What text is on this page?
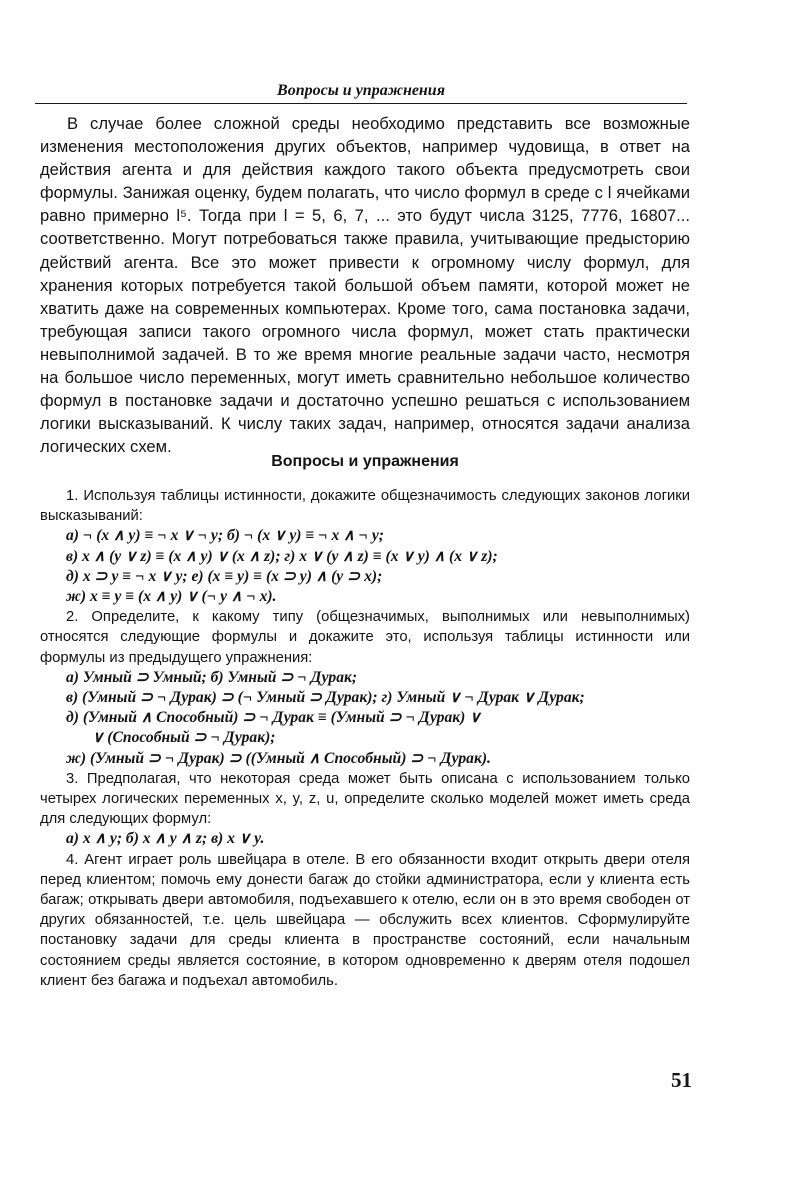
Вопросы и упражнения

В случае более сложной среды необходимо представить все возможные изменения местоположения других объектов, например чудовища, в ответ на действия агента и для действия каждого такого объекта предусмотреть свои формулы. Занижая оценку, будем полагать, что число формул в среде с l ячейками равно примерно l⁵. Тогда при l = 5, 6, 7, ... это будут числа 3125, 7776, 16807... соответственно. Могут потребоваться также правила, учитывающие предысторию действий агента. Все это может привести к огромному числу формул, для хранения которых потребуется такой большой объем памяти, которой может не хватить даже на современных компьютерах. Кроме того, сама постановка задачи, требующая записи такого огромного числа формул, может стать практически невыполнимой задачей. В то же время многие реальные задачи часто, несмотря на большое число переменных, могут иметь сравнительно небольшое количество формул в постановке задачи и достаточно успешно решаться с использованием логики высказываний. К числу таких задач, например, относятся задачи анализа логических схем.

Вопросы и упражнения

1. Используя таблицы истинности, докажите общезначимость следующих законов логики высказываний:

а) ¬ (x ∧ y) ≡ ¬ x ∨ ¬ y; б) ¬ (x ∨ y) ≡ ¬ x ∧ ¬ y;

в) x ∧ (y ∨ z) ≡ (x ∧ y) ∨ (x ∧ z); г) x ∨ (y ∧ z) ≡ (x ∨ y) ∧ (x ∨ z);

д) x ⊃ y ≡ ¬ x ∨ y; е) (x ≡ y) ≡ (x ⊃ y) ∧ (y ⊃ x);

ж) x ≡ y ≡ (x ∧ y) ∨ (¬ y ∧ ¬ x).

2. Определите, к какому типу (общезначимых, выполнимых или невыполнимых) относятся следующие формулы и докажите это, используя таблицы истинности или формулы из предыдущего упражнения:

а) Умный ⊃ Умный; б) Умный ⊃ ¬ Дурак;

в) (Умный ⊃ ¬ Дурак) ⊃ (¬ Умный ⊃ Дурак); г) Умный ∨ ¬ Дурак ∨ Дурак;

д) (Умный ∧ Способный) ⊃ ¬ Дурак ≡ (Умный ⊃ ¬ Дурак) ∨

∨ (Способный ⊃ ¬ Дурак);

ж) (Умный ⊃ ¬ Дурак) ⊃ ((Умный ∧ Способный) ⊃ ¬ Дурак).

3. Предполагая, что некоторая среда может быть описана с использованием только четырех логических переменных x, y, z, u, определите сколько моделей может иметь среда для следующих формул:

а) x ∧ y; б) x ∧ y ∧ z; в) x ∨ y.

4. Агент играет роль швейцара в отеле. В его обязанности входит открыть двери отеля перед клиентом; помочь ему донести багаж до стойки администратора, если у клиента есть багаж; открывать двери автомобиля, подъехавшего к отелю, если он в это время свободен от других обязанностей, т.е. цель швейцара — обслужить всех клиентов. Сформулируйте постановку задачи для среды клиента в пространстве состояний, если начальным состоянием среды является состояние, в котором одновременно к дверям отеля подошел клиент без багажа и подъехал автомобиль.

51
